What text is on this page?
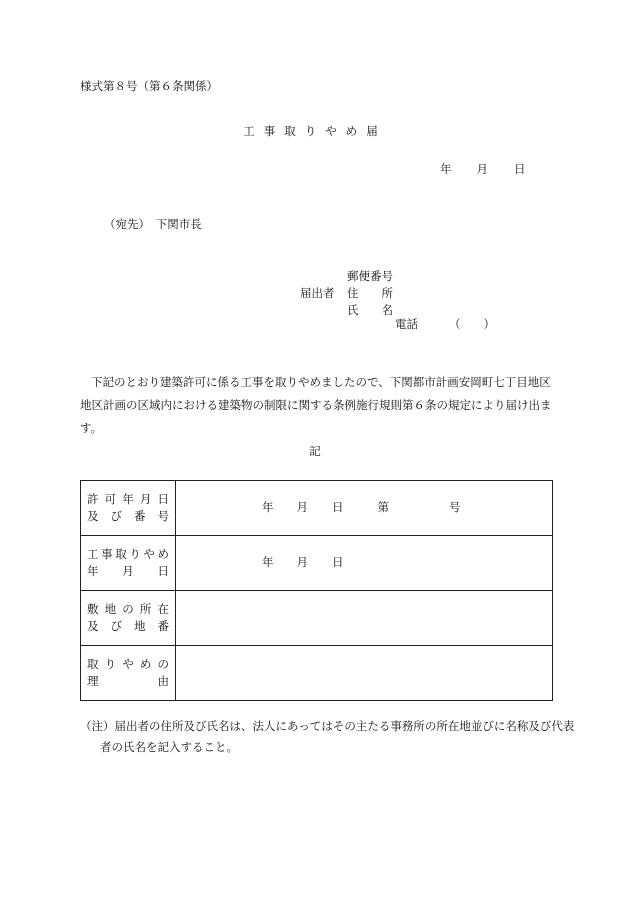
様式第８号（第６条関係）
工事取りやめ届
年 月 日
（宛先）　下関市長
郵便番号
届出者 住　　所
氏　　名
電話	（　　）
下記のとおり建築許可に係る工事を取りやめましたので、下関都市計画安岡町七丁目地区地区計画の区域内における建築物の制限に関する条例施行規則第６条の規定により届け出ます。
記
許可年月日
及び番号	年 月 日 第 号

工事取りやめ
年　月　日	年 月 日

敷地の所在
及び地番	

取りやめの
理　　由	

（注）届出者の住所及び氏名は、法人にあってはその主たる事務所の所在地並びに名称及び代表者の氏名を記入すること。
